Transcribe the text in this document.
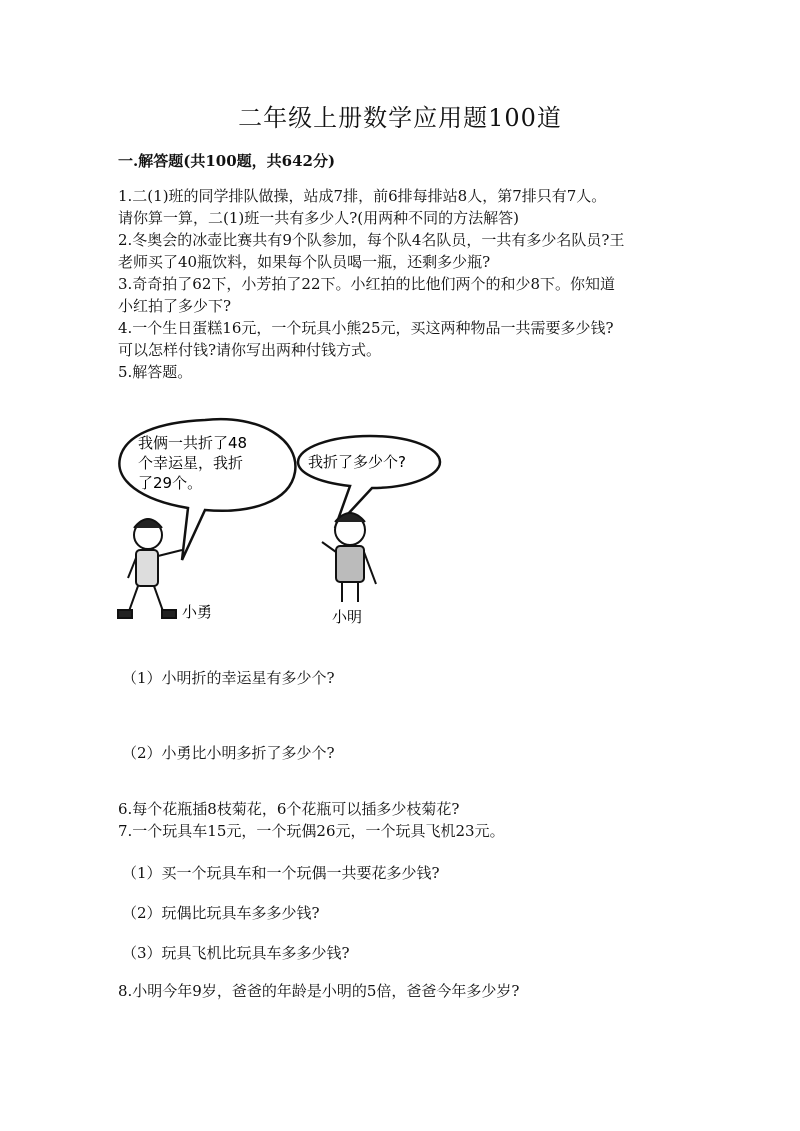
二年级上册数学应用题100道
一.解答题(共100题，共642分)
1.二(1)班的同学排队做操，站成7排，前6排每排站8人，第7排只有7人。
请你算一算，二(1)班一共有多少人?(用两种不同的方法解答)
2.冬奥会的冰壶比赛共有9个队参加，每个队4名队员，一共有多少名队员?王
老师买了40瓶饮料，如果每个队员喝一瓶，还剩多少瓶?
3.奇奇拍了62下，小芳拍了22下。小红拍的比他们两个的和少8下。你知道
小红拍了多少下?
4.一个生日蛋糕16元，一个玩具小熊25元，买这两种物品一共需要多少钱?
可以怎样付钱?请你写出两种付钱方式。
5.解答题。
我俩一共折了48
个幸运星，我折
了29个。
我折了多少个?
小勇	小明
（1）小明折的幸运星有多少个?
（2）小勇比小明多折了多少个?
6.每个花瓶插8枝菊花，6个花瓶可以插多少枝菊花?
7.一个玩具车15元，一个玩偶26元，一个玩具飞机23元。
（1）买一个玩具车和一个玩偶一共要花多少钱?
（2）玩偶比玩具车多多少钱?
（3）玩具飞机比玩具车多多少钱?
8.小明今年9岁，爸爸的年龄是小明的5倍，爸爸今年多少岁?
